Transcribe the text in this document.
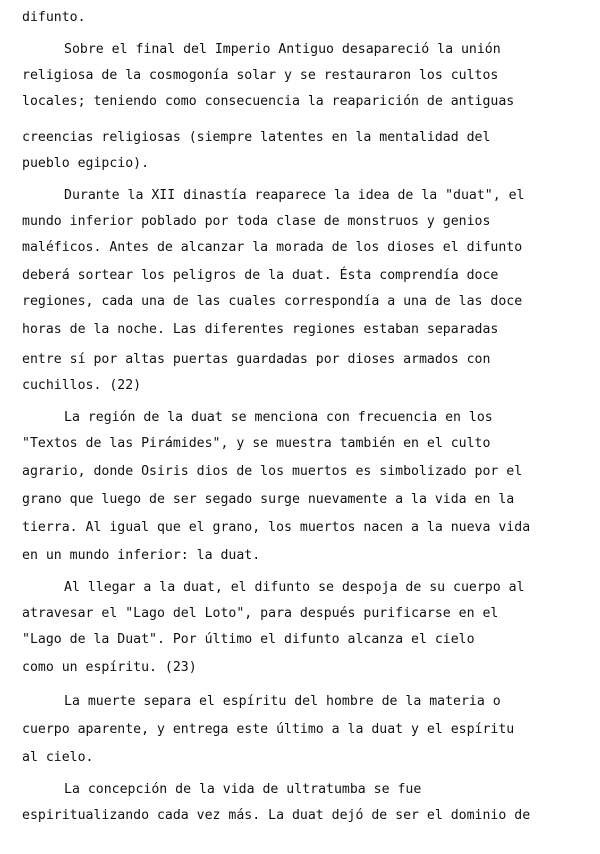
difunto.
Sobre el final del Imperio Antiguo desapareció la unión
religiosa de la cosmogonía solar y se restauraron los cultos
locales; teniendo como consecuencia la reaparición de antiguas
creencias religiosas (siempre latentes en la mentalidad del
pueblo egipcio).
Durante la XII dinastía reaparece la idea de la "duat", el
mundo inferior poblado por toda clase de monstruos y genios
maléficos. Antes de alcanzar la morada de los dioses el difunto
deberá sortear los peligros de la duat. Ésta comprendía doce
regiones, cada una de las cuales correspondía a una de las doce
horas de la noche. Las diferentes regiones estaban separadas
entre sí por altas puertas guardadas por dioses armados con
cuchillos. (22)
La región de la duat se menciona con frecuencia en los
"Textos de las Pirámides", y se muestra también en el culto
agrario, donde Osiris dios de los muertos es simbolizado por el
grano que luego de ser segado surge nuevamente a la vida en la
tierra. Al igual que el grano, los muertos nacen a la nueva vida
en un mundo inferior: la duat.
Al llegar a la duat, el difunto se despoja de su cuerpo al
atravesar el "Lago del Loto", para después purificarse en el
"Lago de la Duat". Por último el difunto alcanza el cielo
como un espíritu. (23)
La muerte separa el espíritu del hombre de la materia o
cuerpo aparente, y entrega este último a la duat y el espíritu
al cielo.
La concepción de la vida de ultratumba se fue
espiritualizando cada vez más. La duat dejó de ser el dominio de
